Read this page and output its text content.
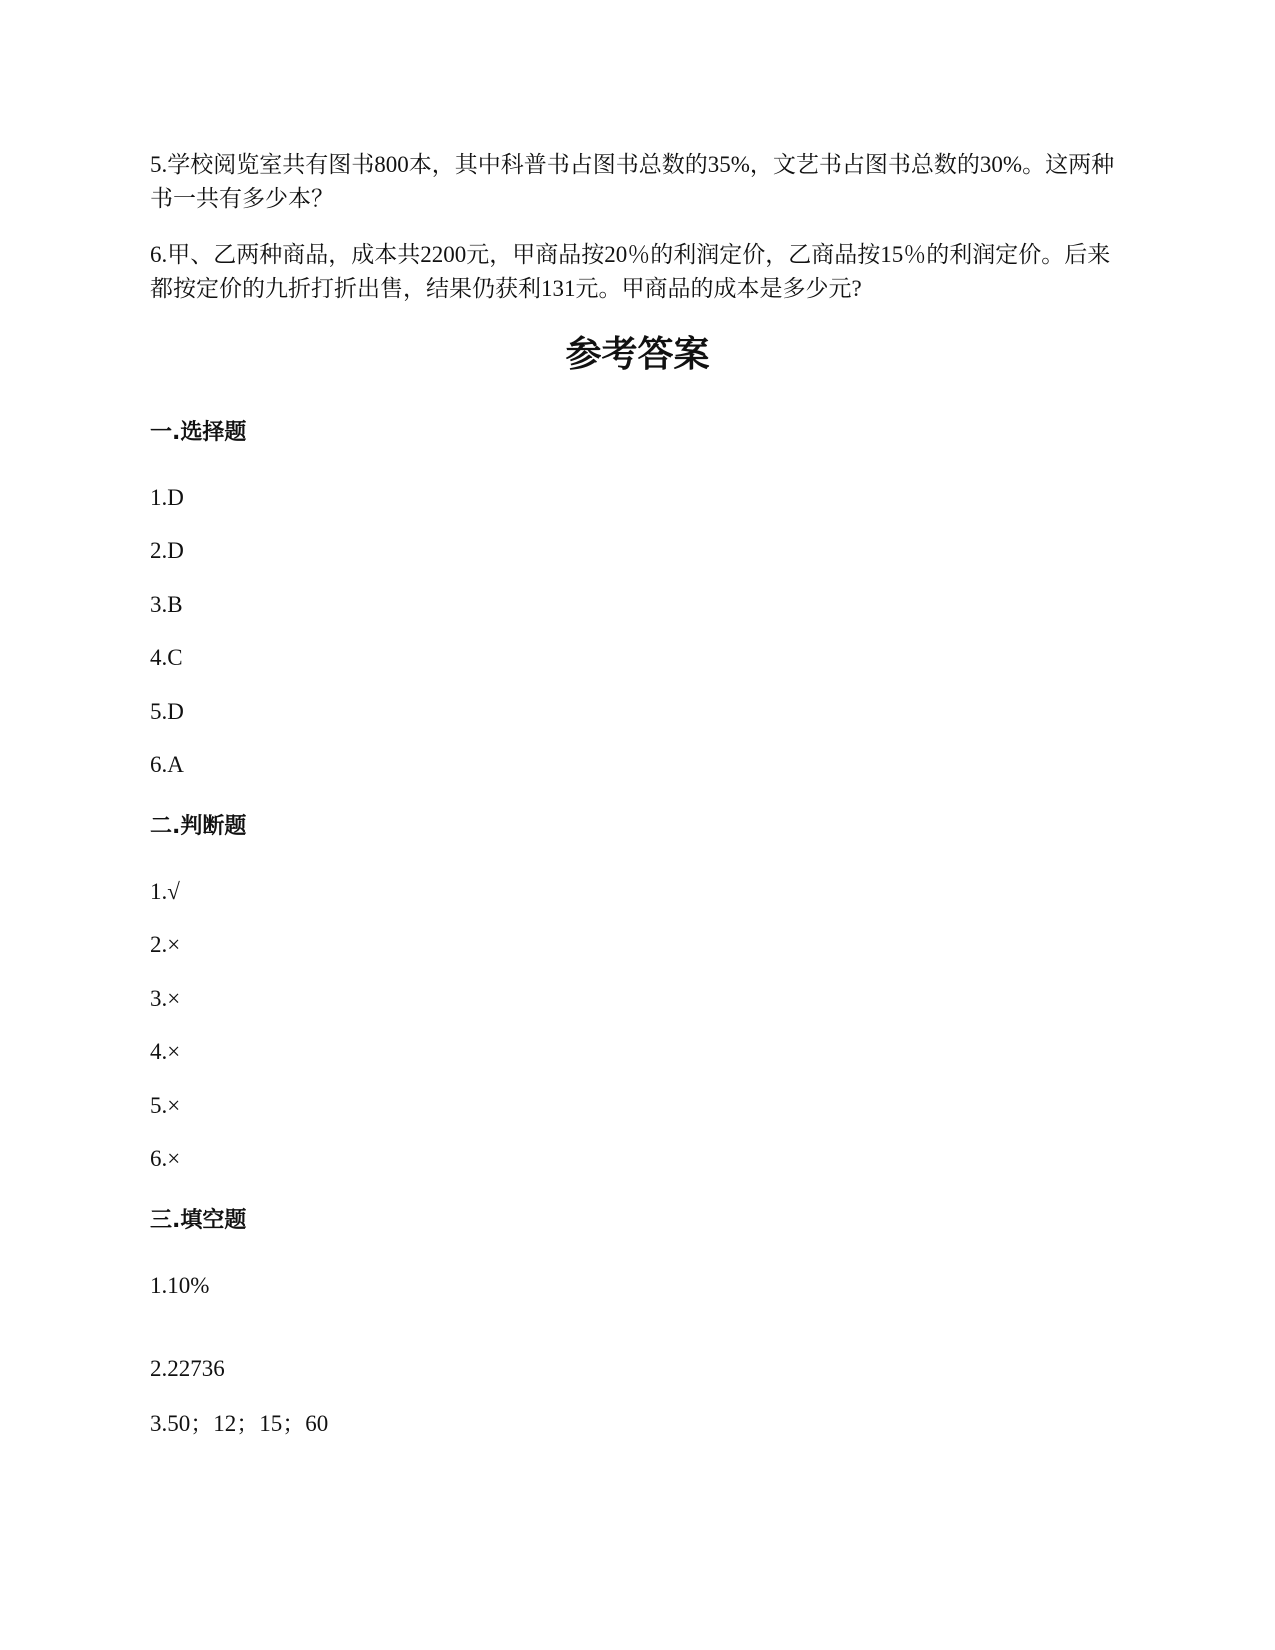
5.学校阅览室共有图书800本，其中科普书占图书总数的35%，文艺书占图书总数的30%。这两种书一共有多少本？
6.甲、乙两种商品，成本共2200元，甲商品按20％的利润定价，乙商品按15％的利润定价。后来都按定价的九折打折出售，结果仍获利131元。甲商品的成本是多少元?
参考答案
一.选择题
1.D
2.D
3.B
4.C
5.D
6.A
二.判断题
1.√
2.×
3.×
4.×
5.×
6.×
三.填空题
1.10%
2.22736
3.50；12；15；60
